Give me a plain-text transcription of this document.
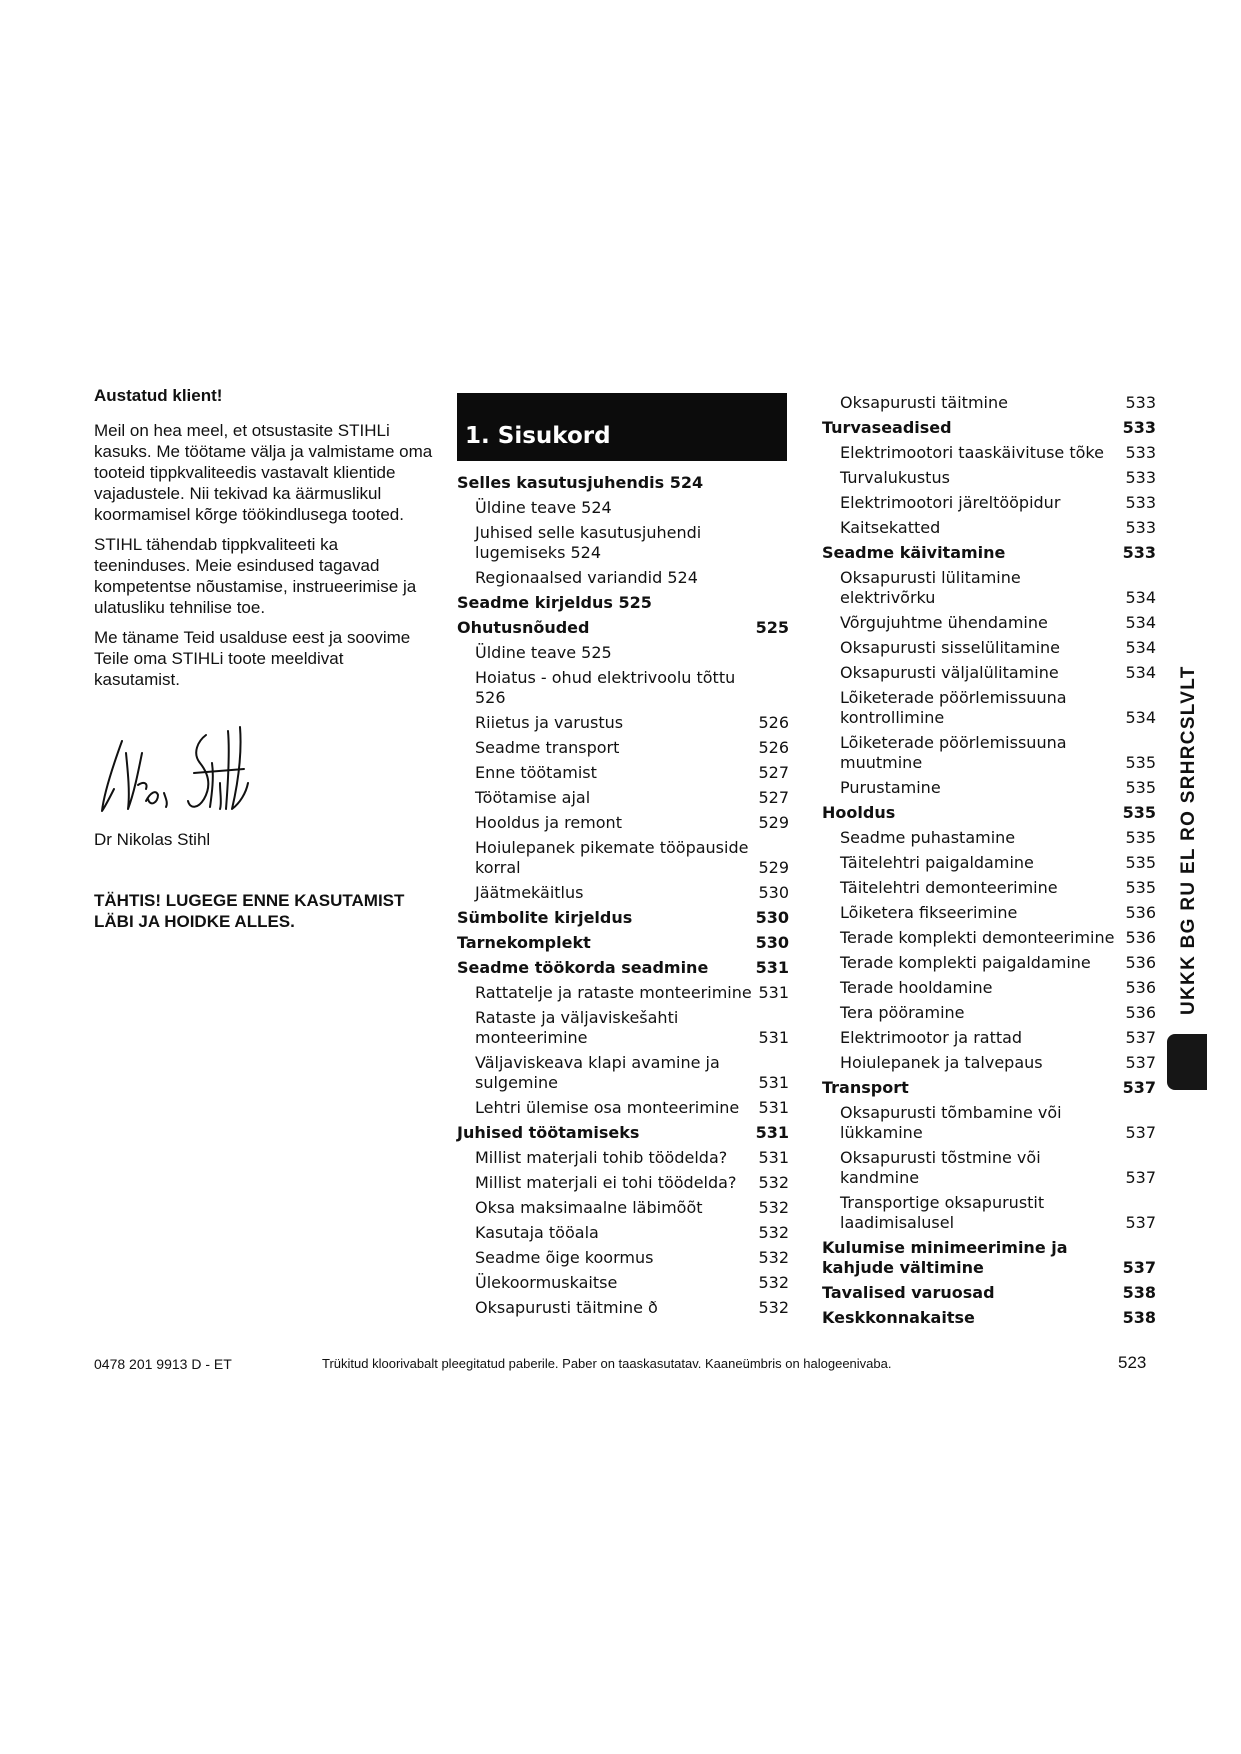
Austatud klient!

Meil on hea meel, et otsustasite STIHLi kasuks. Me töötame välja ja valmistame oma tooteid tippkvaliteedis vastavalt klientide vajadustele. Nii tekivad ka äärmuslikul koormamisel kõrge töökindlusega tooted.

STIHL tähendab tippkvaliteeti ka teeninduses. Meie esindused tagavad kompetentse nõustamise, instrueerimise ja ulatusliku tehnilise toe.

Me täname Teid usalduse eest ja soovime Teile oma STIHLi toote meeldivat kasutamist.

Dr Nikolas Stihl

TÄHTIS! LUGEGE ENNE KASUTAMIST LÄBI JA HOIDKE ALLES.

1. Sisukord
Selles kasutusjuhendis 524
Üldine teave 524
Juhised selle kasutusjuhendi lugemiseks 524
Regionaalsed variandid 524
Seadme kirjeldus 525
Ohutusnõuded	525
Üldine teave 525
Hoiatus - ohud elektrivoolu tõttu 526
Riietus ja varustus	526
Seadme transport	526
Enne töötamist	527
Töötamise ajal	527
Hooldus ja remont	529
Hoiulepanek pikemate tööpauside korral	529
Jäätmekäitlus	530
Sümbolite kirjeldus	530
Tarnekomplekt	530
Seadme töökorda seadmine	531
Rattatelje ja rataste monteerimine 531
Rataste ja väljaviskešahti monteerimine	531
Väljaviskeava klapi avamine ja sulgemine	531
Lehtri ülemise osa monteerimine	531
Juhised töötamiseks	531
Millist materjali tohib töödelda?	531
Millist materjali ei tohi töödelda?	532
Oksa maksimaalne läbimõõt	532
Kasutaja tööala	532
Seadme õige koormus	532
Ülekoormuskaitse	532
Oksapurusti täitmine ð	532
Oksapurusti täitmine	533
Turvaseadised	533
Elektrimootori taaskäivituse tõke	533
Turvalukustus	533
Elektrimootori järeltööpidur	533
Kaitsekatted	533
Seadme käivitamine	533
Oksapurusti lülitamine elektrivõrku	534
Võrgujuhtme ühendamine	534
Oksapurusti sisselülitamine	534
Oksapurusti väljalülitamine	534
Lõiketerade pöörlemissuuna kontrollimine	534
Lõiketerade pöörlemissuuna muutmine	535
Purustamine	535
Hooldus	535
Seadme puhastamine	535
Täitelehtri paigaldamine	535
Täitelehtri demonteerimine	535
Lõiketera fikseerimine	536
Terade komplekti demonteerimine 536
Terade komplekti paigaldamine	536
Terade hooldamine	536
Tera pööramine	536
Elektrimootor ja rattad	537
Hoiulepanek ja talvepaus	537
Transport	537
Oksapurusti tõmbamine või lükkamine	537
Oksapurusti tõstmine või kandmine	537
Transportige oksapurustit laadimisalusel	537
Kulumise minimeerimine ja kahjude vältimine	537
Tavalised varuosad	538
Keskkonnakaitse	538
UKKK BG RU EL RO SRHRCSLVLT
0478 201 9913 D - ET	Trükitud kloorivabalt pleegitatud paberile. Paber on taaskasutatav. Kaaneümbris on halogeenivaba.	523
